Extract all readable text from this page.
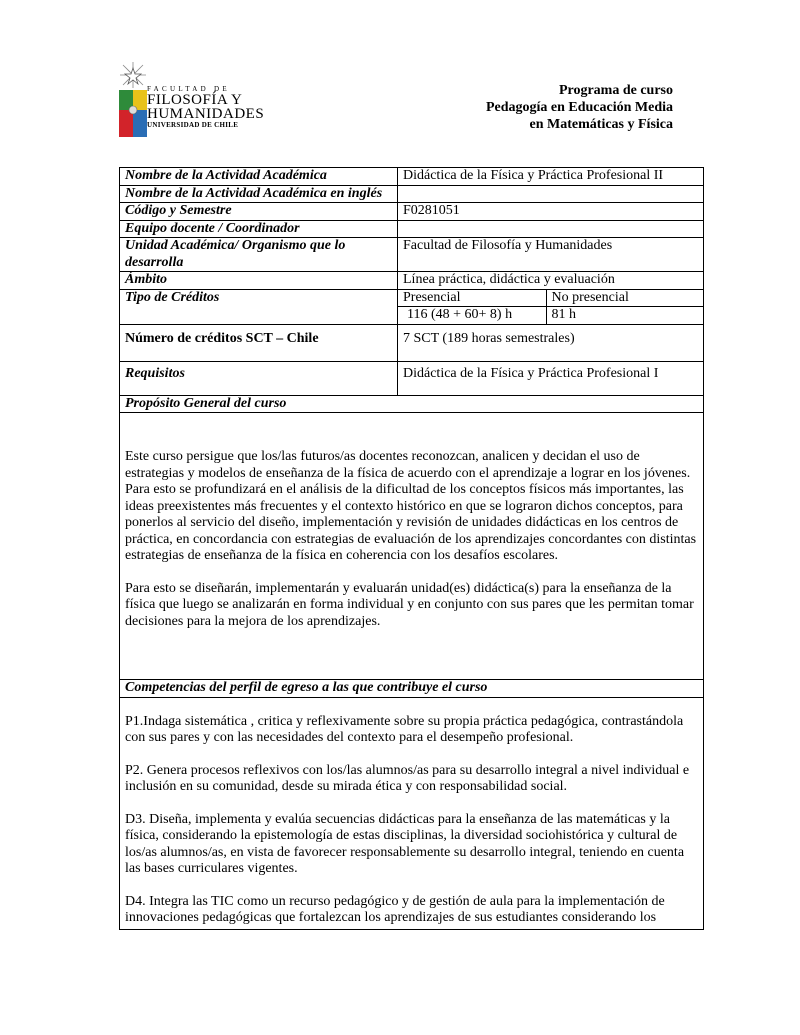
FACULTAD DE
FILOSOFÍA Y
HUMANIDADES
UNIVERSIDAD DE CHILE
Programa de curso
Pedagogía en Educación Media
en Matemáticas y Física
Nombre de la Actividad Académica	Didáctica de la Física y Práctica Profesional II
Nombre de la Actividad Académica en inglés	
Código y Semestre	F0281051
Equipo docente / Coordinador	
Unidad Académica/ Organismo que lo desarrolla	Facultad de Filosofía y Humanidades
Ámbito	Línea práctica, didáctica y evaluación
Tipo de Créditos		Presencial	No presencial
116 (48 + 60+ 8) h	81 h

Número de créditos SCT – Chile	7 SCT (189 horas semestrales)
Requisitos	Didáctica de la Física y Práctica Profesional I
Propósito General del curso

Este curso persigue que los/las futuros/as docentes reconozcan, analicen y decidan el uso de estrategias y modelos de enseñanza de la física de acuerdo con el aprendizaje a lograr en los jóvenes. Para esto se profundizará en el análisis de la dificultad de los conceptos físicos más importantes, las ideas preexistentes más frecuentes y el contexto histórico en que se lograron dichos conceptos, para ponerlos al servicio del diseño, implementación y revisión de unidades didácticas en los centros de práctica, en concordancia con estrategias de evaluación de los aprendizajes concordantes con distintas estrategias de enseñanza de la física en coherencia con los desafíos escolares.

Para esto se diseñarán, implementarán y evaluarán unidad(es) didáctica(s) para la enseñanza de la física que luego se analizarán en forma individual y en conjunto con sus pares que les permitan tomar decisiones para la mejora de los aprendizajes.

Competencias del perfil de egreso a las que contribuye el curso

P1.Indaga sistemática , critica y reflexivamente sobre su propia práctica pedagógica, contrastándola con sus pares y con las necesidades del contexto para el desempeño profesional.

P2. Genera procesos reflexivos con los/las alumnos/as para su desarrollo integral a nivel individual e inclusión en su comunidad, desde su mirada ética y con responsabilidad social.

D3. Diseña, implementa y evalúa secuencias didácticas para la enseñanza de las matemáticas y la física, considerando la epistemología de estas disciplinas, la diversidad sociohistórica y cultural de los/as alumnos/as, en vista de favorecer responsablemente su desarrollo integral, teniendo en cuenta las bases curriculares vigentes.

D4. Integra las TIC como un recurso pedagógico y de gestión de aula para la implementación de innovaciones pedagógicas que fortalezcan los aprendizajes de sus estudiantes considerando los
